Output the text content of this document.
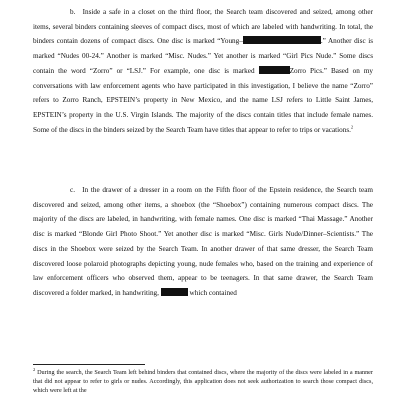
b. Inside a safe in a closet on the third floor, the Search team discovered and seized, among other items, several binders containing sleeves of compact discs, most of which are labeled with handwriting. In total, the binders contain dozens of compact discs. One disc is marked “Young–	.” Another disc is marked “Nudes 00-24.” Another is marked “Misc. Nudes.” Yet another is marked “Girl Pics Nude.” Some discs contain the word “Zorro” or “LSJ.” For example, one disc is marked	Zorro Pics.” Based on my conversations with law enforcement agents who have participated in this investigation, I believe the name “Zorro” refers to Zorro Ranch, EPSTEIN’s property in New Mexico, and the name LSJ refers to Little Saint James, EPSTEIN’s property in the U.S. Virgin Islands. The majority of the discs contain titles that include female names. Some of the discs in the binders seized by the Search Team have titles that appear to refer to trips or vacations.$^2$

c. In the drawer of a dresser in a room on the Fifth floor of the Epstein residence, the Search team discovered and seized, among other items, a shoebox (the “Shoebox”) containing numerous compact discs. The majority of the discs are labeled, in handwriting, with female names. One disc is marked “Thai Massage.” Another disc is marked “Blonde Girl Photo Shoot.” Yet another disc is marked “Misc. Girls Nude/Dinner–Scientists.” The discs in the Shoebox were seized by the Search Team. In another drawer of that same dresser, the Search Team discovered loose polaroid photographs depicting young, nude females who, based on the training and experience of law enforcement officers who observed them, appear to be teenagers. In that same drawer, the Search Team discovered a folder marked, in handwriting,	which contained

$^2$ During the search, the Search Team left behind binders that contained discs, where the majority of the discs were labeled in a manner that did not appear to refer to girls or nudes. Accordingly, this application does not seek authorization to search those compact discs, which were left at the
